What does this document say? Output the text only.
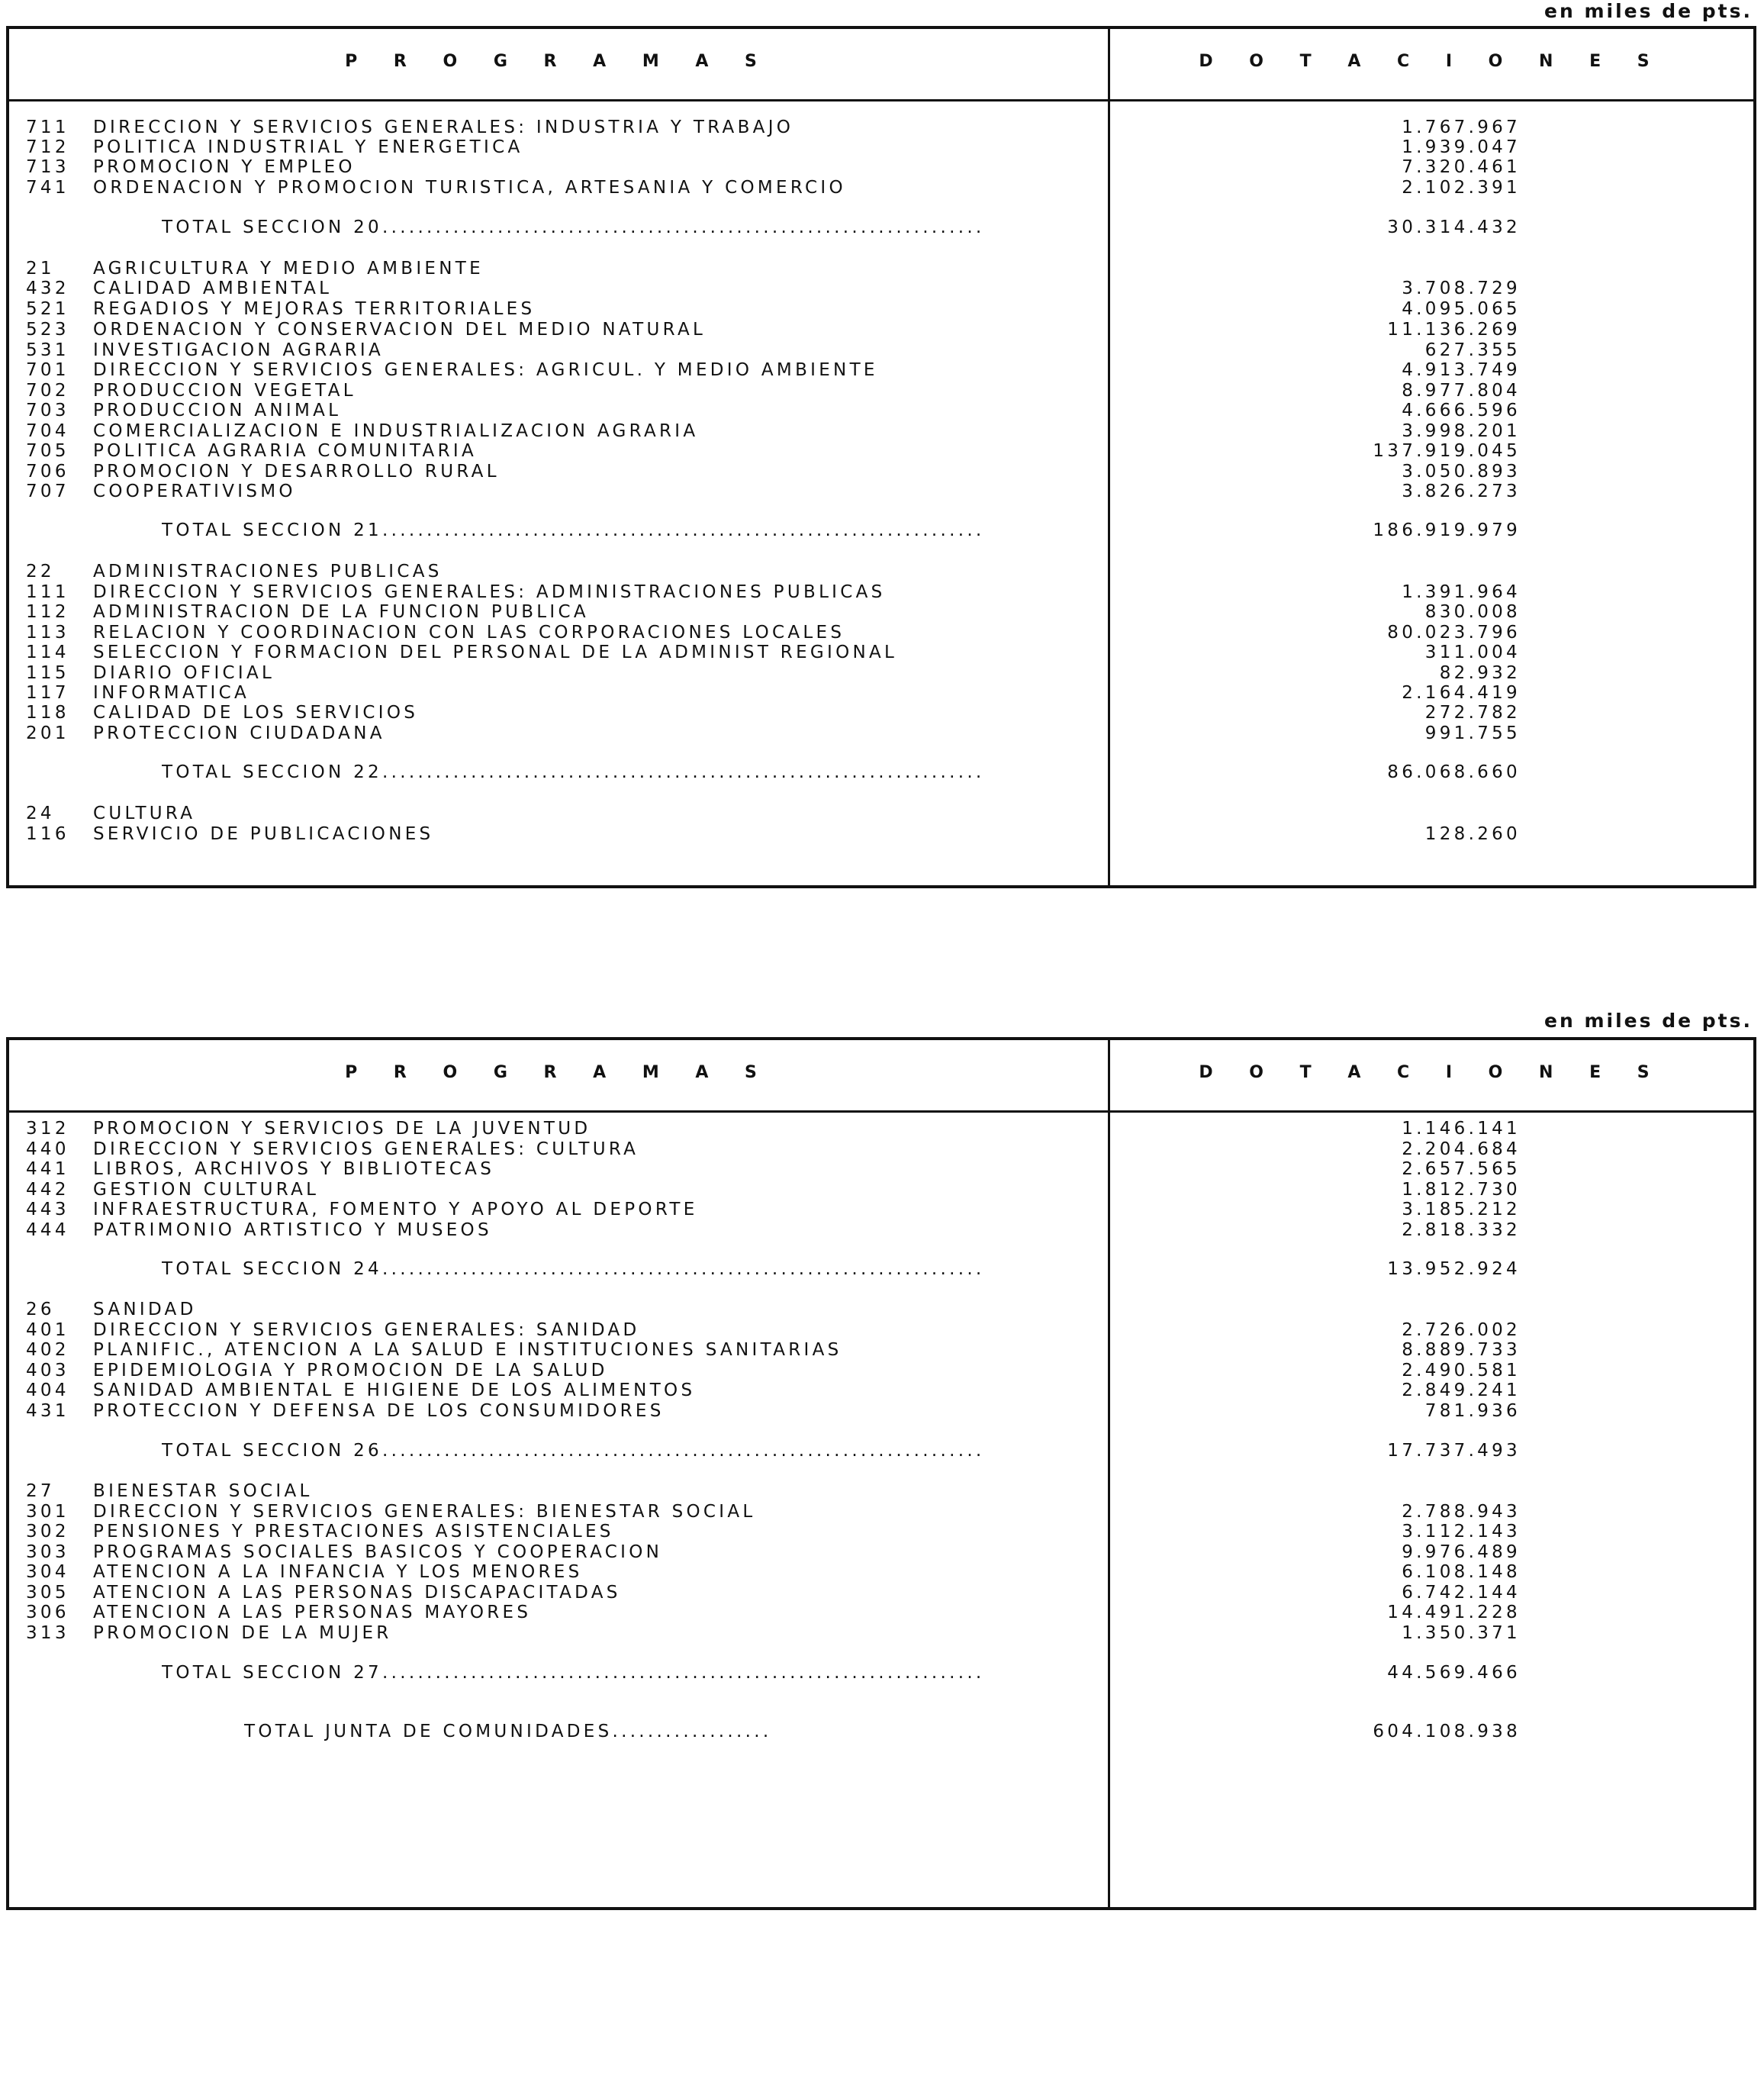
en miles de pts.
P R O G R A M A S	D O T A C I O N E S
711 DIRECCION Y SERVICIOS GENERALES: INDUSTRIA Y TRABAJO	1.767.967
712 POLITICA INDUSTRIAL Y ENERGETICA	1.939.047
713 PROMOCION Y EMPLEO	7.320.461
741 ORDENACION Y PROMOCION TURISTICA, ARTESANIA Y COMERCIO	2.102.391
TOTAL SECCION 20....................................................................	30.314.432
21 AGRICULTURA Y MEDIO AMBIENTE
432 CALIDAD AMBIENTAL	3.708.729
521 REGADIOS Y MEJORAS TERRITORIALES	4.095.065
523 ORDENACION Y CONSERVACION DEL MEDIO NATURAL	11.136.269
531 INVESTIGACION AGRARIA	627.355
701 DIRECCION Y SERVICIOS GENERALES: AGRICUL. Y MEDIO AMBIENTE	4.913.749
702 PRODUCCION VEGETAL	8.977.804
703 PRODUCCION ANIMAL	4.666.596
704 COMERCIALIZACION E INDUSTRIALIZACION AGRARIA	3.998.201
705 POLITICA AGRARIA COMUNITARIA	137.919.045
706 PROMOCION Y DESARROLLO RURAL	3.050.893
707 COOPERATIVISMO	3.826.273
TOTAL SECCION 21....................................................................	186.919.979
22 ADMINISTRACIONES PUBLICAS
111 DIRECCION Y SERVICIOS GENERALES: ADMINISTRACIONES PUBLICAS	1.391.964
112 ADMINISTRACION DE LA FUNCION PUBLICA	830.008
113 RELACION Y COORDINACION CON LAS CORPORACIONES LOCALES	80.023.796
114 SELECCION Y FORMACION DEL PERSONAL DE LA ADMINIST REGIONAL	311.004
115 DIARIO OFICIAL	82.932
117 INFORMATICA	2.164.419
118 CALIDAD DE LOS SERVICIOS	272.782
201 PROTECCION CIUDADANA	991.755
TOTAL SECCION 22....................................................................	86.068.660
24 CULTURA
116 SERVICIO DE PUBLICACIONES	128.260
en miles de pts.
P R O G R A M A S	D O T A C I O N E S
312 PROMOCION Y SERVICIOS DE LA JUVENTUD	1.146.141
440 DIRECCION Y SERVICIOS GENERALES: CULTURA	2.204.684
441 LIBROS, ARCHIVOS Y BIBLIOTECAS	2.657.565
442 GESTION CULTURAL	1.812.730
443 INFRAESTRUCTURA, FOMENTO Y APOYO AL DEPORTE	3.185.212
444 PATRIMONIO ARTISTICO Y MUSEOS	2.818.332
TOTAL SECCION 24....................................................................	13.952.924
26 SANIDAD
401 DIRECCION Y SERVICIOS GENERALES: SANIDAD	2.726.002
402 PLANIFIC., ATENCION A LA SALUD E INSTITUCIONES SANITARIAS	8.889.733
403 EPIDEMIOLOGIA Y PROMOCION DE LA SALUD	2.490.581
404 SANIDAD AMBIENTAL E HIGIENE DE LOS ALIMENTOS	2.849.241
431 PROTECCION Y DEFENSA DE LOS CONSUMIDORES	781.936
TOTAL SECCION 26....................................................................	17.737.493
27 BIENESTAR SOCIAL
301 DIRECCION Y SERVICIOS GENERALES: BIENESTAR SOCIAL	2.788.943
302 PENSIONES Y PRESTACIONES ASISTENCIALES	3.112.143
303 PROGRAMAS SOCIALES BASICOS Y COOPERACION	9.976.489
304 ATENCION A LA INFANCIA Y LOS MENORES	6.108.148
305 ATENCION A LAS PERSONAS DISCAPACITADAS	6.742.144
306 ATENCION A LAS PERSONAS MAYORES	14.491.228
313 PROMOCION DE LA MUJER	1.350.371
TOTAL SECCION 27....................................................................	44.569.466
TOTAL JUNTA DE COMUNIDADES..................	604.108.938
